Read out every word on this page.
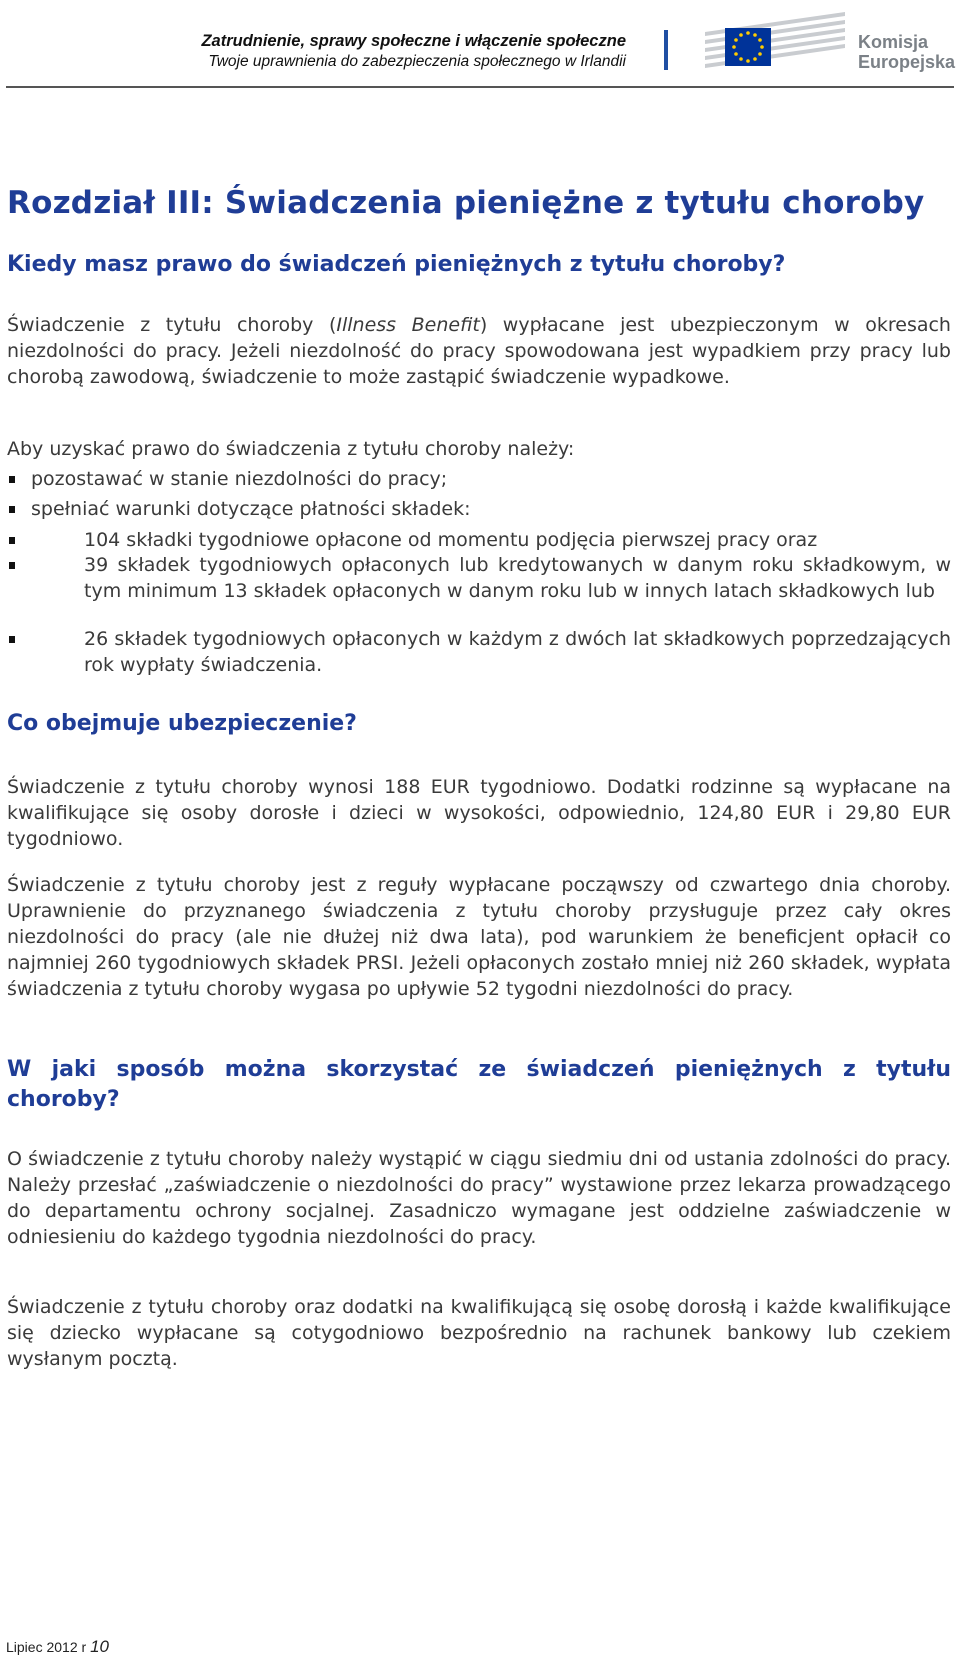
Zatrudnienie, sprawy społeczne i włączenie społeczne
Twoje uprawnienia do zabezpieczenia społecznego w Irlandii
Komisja
Europejska
Rozdział III: Świadczenia pieniężne z tytułu choroby
Kiedy masz prawo do świadczeń pieniężnych z tytułu choroby?

Świadczenie z tytułu choroby (Illness Benefit) wypłacane jest ubezpieczonym w okresach niezdolności do pracy. Jeżeli niezdolność do pracy spowodowana jest wypadkiem przy pracy lub chorobą zawodową, świadczenie to może zastąpić świadczenie wypadkowe.

Aby uzyskać prawo do świadczenia z tytułu choroby należy:

pozostawać w stanie niezdolności do pracy;
spełniać warunki dotyczące płatności składek:
104 składki tygodniowe opłacone od momentu podjęcia pierwszej pracy oraz
39 składek tygodniowych opłaconych lub kredytowanych w danym roku składkowym, w tym minimum 13 składek opłaconych w danym roku lub w innych latach składkowych lub
26 składek tygodniowych opłaconych w każdym z dwóch lat składkowych poprzedzających rok wypłaty świadczenia.
Co obejmuje ubezpieczenie?

Świadczenie z tytułu choroby wynosi 188 EUR tygodniowo. Dodatki rodzinne są wypłacane na kwalifikujące się osoby dorosłe i dzieci w wysokości, odpowiednio, 124,80 EUR i 29,80 EUR tygodniowo.

Świadczenie z tytułu choroby jest z reguły wypłacane począwszy od czwartego dnia choroby. Uprawnienie do przyznanego świadczenia z tytułu choroby przysługuje przez cały okres niezdolności do pracy (ale nie dłużej niż dwa lata), pod warunkiem że beneficjent opłacił co najmniej 260 tygodniowych składek PRSI. Jeżeli opłaconych zostało mniej niż 260 składek, wypłata świadczenia z tytułu choroby wygasa po upływie 52 tygodni niezdolności do pracy.

W jaki sposób można skorzystać ze świadczeń pieniężnych z tytułu choroby?

O świadczenie z tytułu choroby należy wystąpić w ciągu siedmiu dni od ustania zdolności do pracy. Należy przesłać „zaświadczenie o niezdolności do pracy” wystawione przez lekarza prowadzącego do departamentu ochrony socjalnej. Zasadniczo wymagane jest oddzielne zaświadczenie w odniesieniu do każdego tygodnia niezdolności do pracy.

Świadczenie z tytułu choroby oraz dodatki na kwalifikującą się osobę dorosłą i każde kwalifikujące się dziecko wypłacane są cotygodniowo bezpośrednio na rachunek bankowy lub czekiem wysłanym pocztą.

Lipiec 2012 r 10
